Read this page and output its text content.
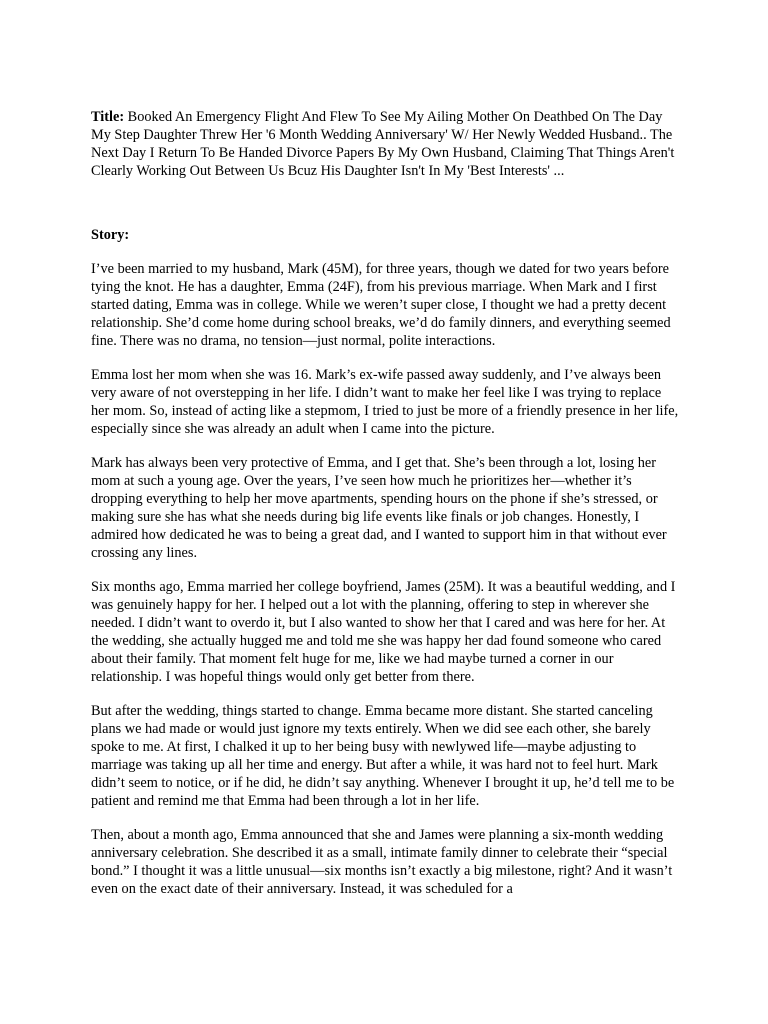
Title: Booked An Emergency Flight And Flew To See My Ailing Mother On Deathbed On The Day My Step Daughter Threw Her '6 Month Wedding Anniversary' W/ Her Newly Wedded Husband.. The Next Day I Return To Be Handed Divorce Papers By My Own Husband, Claiming That Things Aren't Clearly Working Out Between Us Bcuz His Daughter Isn't In My 'Best Interests' ...

Story:

I’ve been married to my husband, Mark (45M), for three years, though we dated for two years before tying the knot. He has a daughter, Emma (24F), from his previous marriage. When Mark and I first started dating, Emma was in college. While we weren’t super close, I thought we had a pretty decent relationship. She’d come home during school breaks, we’d do family dinners, and everything seemed fine. There was no drama, no tension—just normal, polite interactions.

Emma lost her mom when she was 16. Mark’s ex-wife passed away suddenly, and I’ve always been very aware of not overstepping in her life. I didn’t want to make her feel like I was trying to replace her mom. So, instead of acting like a stepmom, I tried to just be more of a friendly presence in her life, especially since she was already an adult when I came into the picture.

Mark has always been very protective of Emma, and I get that. She’s been through a lot, losing her mom at such a young age. Over the years, I’ve seen how much he prioritizes her—whether it’s dropping everything to help her move apartments, spending hours on the phone if she’s stressed, or making sure she has what she needs during big life events like finals or job changes. Honestly, I admired how dedicated he was to being a great dad, and I wanted to support him in that without ever crossing any lines.

Six months ago, Emma married her college boyfriend, James (25M). It was a beautiful wedding, and I was genuinely happy for her. I helped out a lot with the planning, offering to step in wherever she needed. I didn’t want to overdo it, but I also wanted to show her that I cared and was here for her. At the wedding, she actually hugged me and told me she was happy her dad found someone who cared about their family. That moment felt huge for me, like we had maybe turned a corner in our relationship. I was hopeful things would only get better from there.

But after the wedding, things started to change. Emma became more distant. She started canceling plans we had made or would just ignore my texts entirely. When we did see each other, she barely spoke to me. At first, I chalked it up to her being busy with newlywed life—maybe adjusting to marriage was taking up all her time and energy. But after a while, it was hard not to feel hurt. Mark didn’t seem to notice, or if he did, he didn’t say anything. Whenever I brought it up, he’d tell me to be patient and remind me that Emma had been through a lot in her life.

Then, about a month ago, Emma announced that she and James were planning a six-month wedding anniversary celebration. She described it as a small, intimate family dinner to celebrate their “special bond.” I thought it was a little unusual—six months isn’t exactly a big milestone, right? And it wasn’t even on the exact date of their anniversary. Instead, it was scheduled for a
